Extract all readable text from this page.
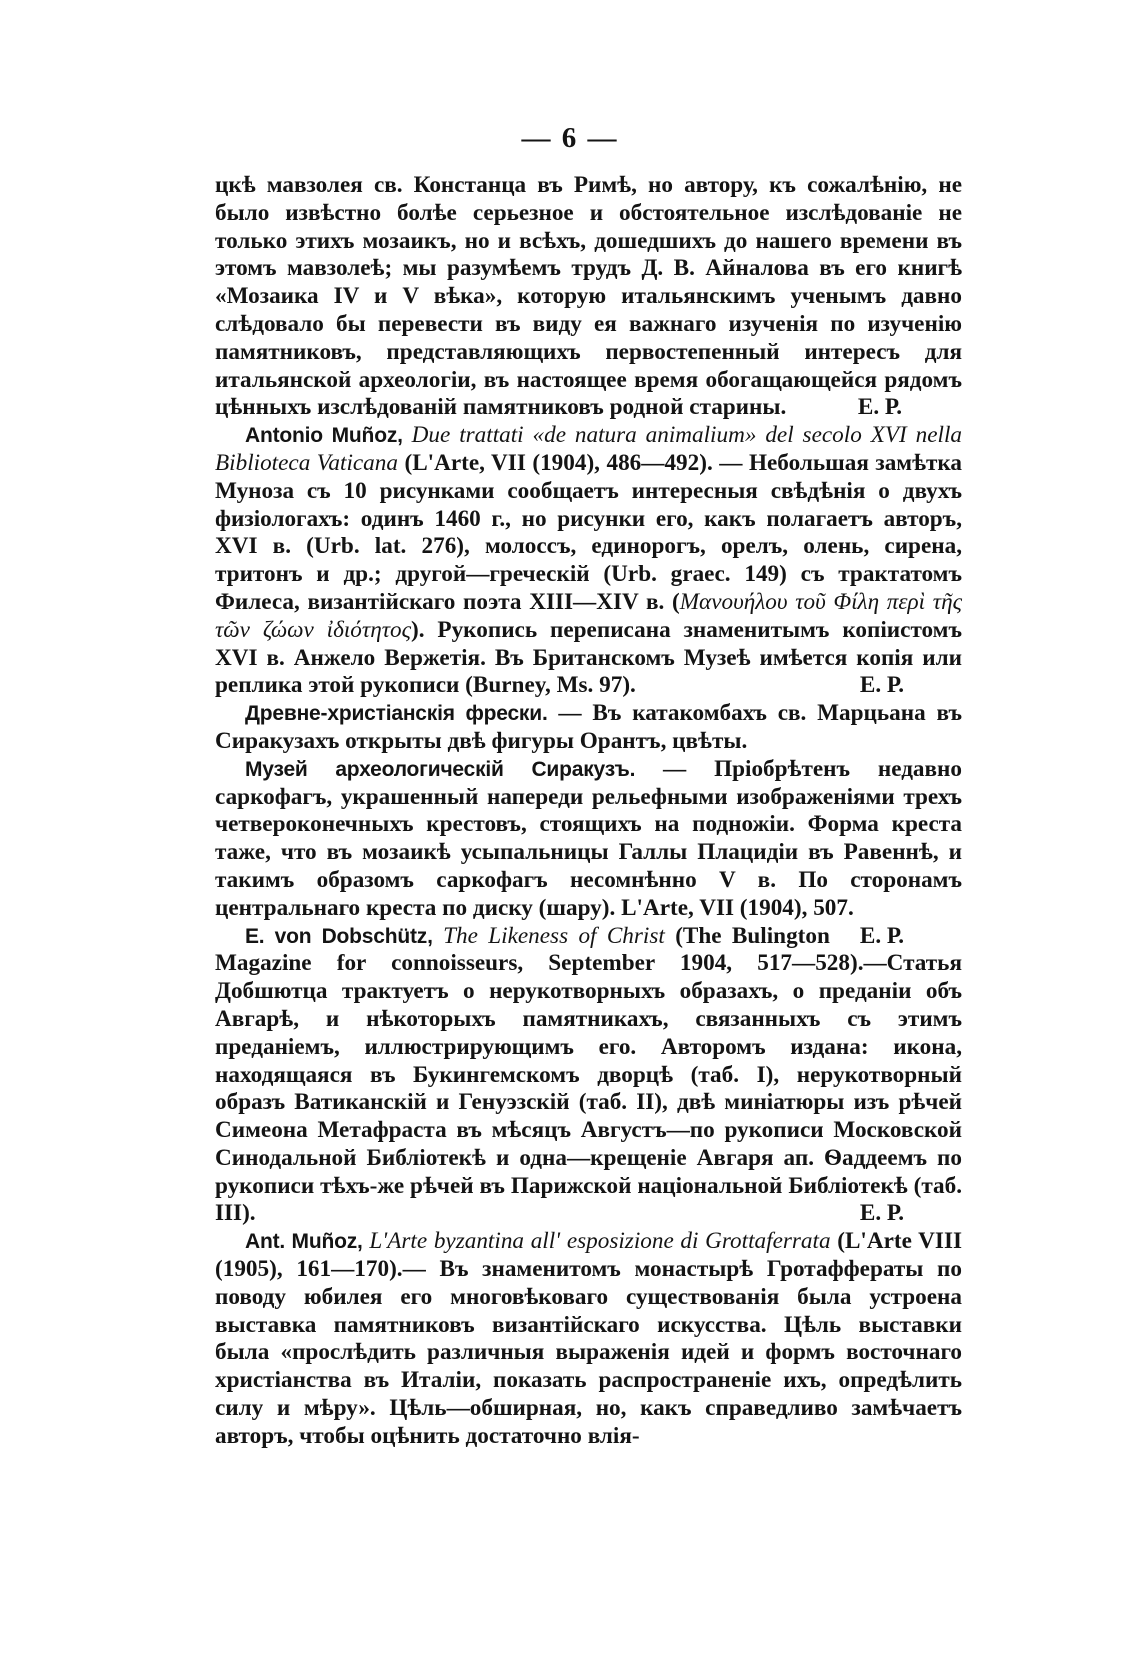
— 6 —

цкѣ мавзолея св. Констанца въ Римѣ, но автору, къ сожалѣнію, не было извѣстно болѣе серьезное и обстоятельное изслѣдованіе не только этихъ мозаикъ, но и всѣхъ, дошедшихъ до нашего времени въ этомъ мавзолеѣ; мы разумѣемъ трудъ Д. В. Айналова въ его книгѣ «Мозаика IV и V вѣка», которую итальянскимъ ученымъ давно слѣдовало бы перевести въ виду ея важнаго изученія по изученію памятниковъ, представляющихъ первостепенный интересъ для итальянской археологіи, въ настоящее время обогащающейся рядомъ цѣнныхъ изслѣдованій памятниковъ родной старины.	Е. Р.

Antonio Muñoz, Due trattati «de natura animalium» del secolo XVI nella Biblioteca Vaticana (L'Arte, VII (1904), 486—492). — Небольшая замѣтка Муноза съ 10 рисунками сообщаетъ интересныя свѣдѣнія о двухъ физіологахъ: одинъ 1460 г., но рисунки его, какъ полагаетъ авторъ, XVI в. (Urb. lat. 276), молоссъ, единорогъ, орелъ, олень, сирена, тритонъ и др.; другой—греческій (Urb. graec. 149) съ трактатомъ Филеса, византійскаго поэта XIII—XIV в. (Μανουήλου τοῦ Φίλη περὶ τῆς τῶν ζώων ἰδιότητος). Рукопись переписана знаменитымъ копіистомъ XVI в. Анжело Вержетія. Въ Британскомъ Музеѣ имѣется копія или реплика этой рукописи (Burney, Ms. 97).	Е. Р.

Древне-христіанскія фрески. — Въ катакомбахъ св. Марцьана въ Сиракузахъ открыты двѣ фигуры Орантъ, цвѣты.

Музей археологическій Сиракузъ. — Пріобрѣтенъ недавно саркофагъ, украшенный напереди рельефными изображеніями трехъ четвероконечныхъ крестовъ, стоящихъ на подножіи. Форма креста таже, что въ мозаикѣ усыпальницы Галлы Плацидіи въ Равеннѣ, и такимъ образомъ саркофагъ несомнѣнно V в. По сторонамъ центральнаго креста по диску (шару). L'Arte, VII (1904), 507.
Е. Р.

E. von Dobschütz, The Likeness of Christ (The Bulington Magazine for connoisseurs, September 1904, 517—528).—Статья Добшютца трактуетъ о нерукотворныхъ образахъ, о преданіи объ Авгарѣ, и нѣкоторыхъ памятникахъ, связанныхъ съ этимъ преданіемъ, иллюстрирующимъ его. Авторомъ издана: икона, находящаяся въ Букингемскомъ дворцѣ (таб. I), нерукотворный образъ Ватиканскій и Генуэзскій (таб. II), двѣ миніатюры изъ рѣчей Симеона Метафраста въ мѣсяцъ Августъ—по рукописи Московской Синодальной Библіотекѣ и одна—крещеніе Авгаря ап. Ѳаддеемъ по рукописи тѣхъ-же рѣчей въ Парижской національной Библіотекѣ (таб. III).	Е. Р.

Ant. Muñoz, L'Arte byzantina all' esposizione di Grottaferrata (L'Arte VIII (1905), 161—170).— Въ знаменитомъ монастырѣ Гротаффераты по поводу юбилея его многовѣковаго существованія была устроена выставка памятниковъ византійскаго искусства. Цѣль выставки была «прослѣдить различныя выраженія идей и формъ восточнаго христіанства въ Италіи, показать распространеніе ихъ, опредѣлить силу и мѣру». Цѣль—обширная, но, какъ справедливо замѣчаетъ авторъ, чтобы оцѣнить достаточно влія-
